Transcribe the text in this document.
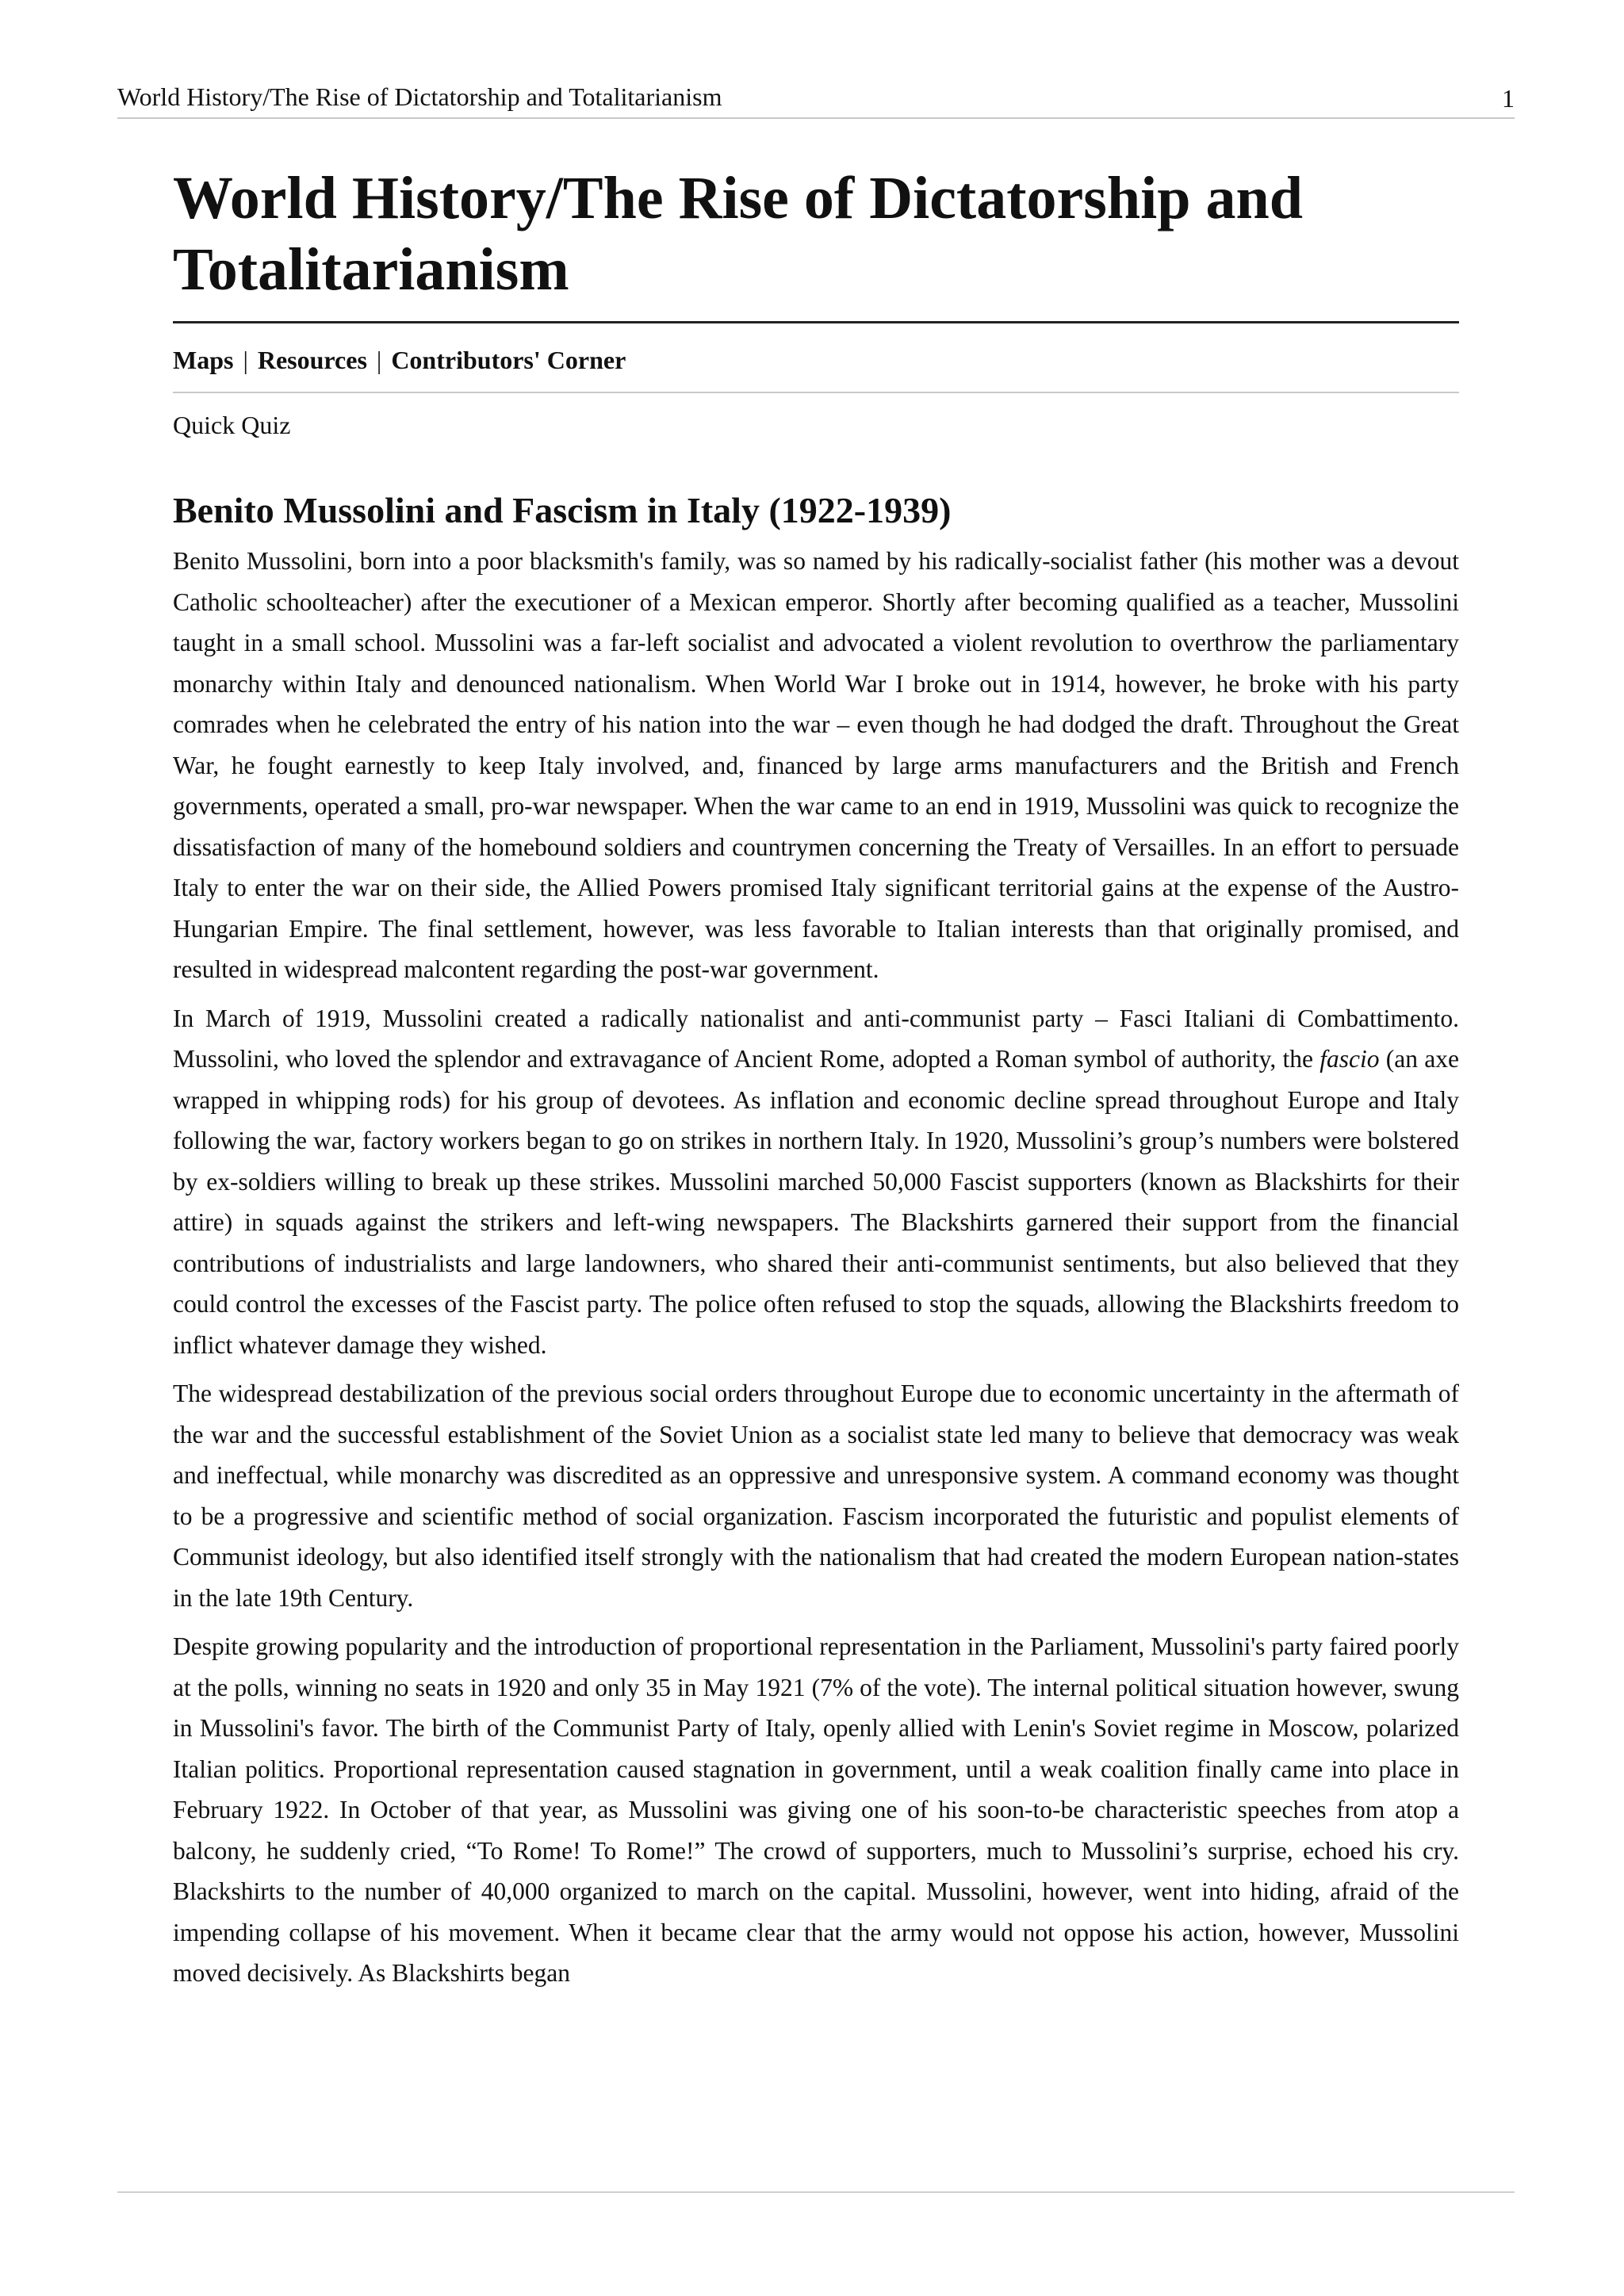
World History/The Rise of Dictatorship and Totalitarianism	1
World History/The Rise of Dictatorship and Totalitarianism
Maps | Resources | Contributors' Corner
Quick Quiz
Benito Mussolini and Fascism in Italy (1922-1939)

Benito Mussolini, born into a poor blacksmith's family, was so named by his radically-socialist father (his mother was a devout Catholic schoolteacher) after the executioner of a Mexican emperor. Shortly after becoming qualified as a teacher, Mussolini taught in a small school. Mussolini was a far-left socialist and advocated a violent revolution to overthrow the parliamentary monarchy within Italy and denounced nationalism. When World War I broke out in 1914, however, he broke with his party comrades when he celebrated the entry of his nation into the war – even though he had dodged the draft. Throughout the Great War, he fought earnestly to keep Italy involved, and, financed by large arms manufacturers and the British and French governments, operated a small, pro-war newspaper. When the war came to an end in 1919, Mussolini was quick to recognize the dissatisfaction of many of the homebound soldiers and countrymen concerning the Treaty of Versailles. In an effort to persuade Italy to enter the war on their side, the Allied Powers promised Italy significant territorial gains at the expense of the Austro-Hungarian Empire. The final settlement, however, was less favorable to Italian interests than that originally promised, and resulted in widespread malcontent regarding the post-war government.

In March of 1919, Mussolini created a radically nationalist and anti-communist party – Fasci Italiani di Combattimento. Mussolini, who loved the splendor and extravagance of Ancient Rome, adopted a Roman symbol of authority, the fascio (an axe wrapped in whipping rods) for his group of devotees. As inflation and economic decline spread throughout Europe and Italy following the war, factory workers began to go on strikes in northern Italy. In 1920, Mussolini’s group’s numbers were bolstered by ex-soldiers willing to break up these strikes. Mussolini marched 50,000 Fascist supporters (known as Blackshirts for their attire) in squads against the strikers and left-wing newspapers. The Blackshirts garnered their support from the financial contributions of industrialists and large landowners, who shared their anti-communist sentiments, but also believed that they could control the excesses of the Fascist party. The police often refused to stop the squads, allowing the Blackshirts freedom to inflict whatever damage they wished.

The widespread destabilization of the previous social orders throughout Europe due to economic uncertainty in the aftermath of the war and the successful establishment of the Soviet Union as a socialist state led many to believe that democracy was weak and ineffectual, while monarchy was discredited as an oppressive and unresponsive system. A command economy was thought to be a progressive and scientific method of social organization. Fascism incorporated the futuristic and populist elements of Communist ideology, but also identified itself strongly with the nationalism that had created the modern European nation-states in the late 19th Century.

Despite growing popularity and the introduction of proportional representation in the Parliament, Mussolini's party faired poorly at the polls, winning no seats in 1920 and only 35 in May 1921 (7% of the vote). The internal political situation however, swung in Mussolini's favor. The birth of the Communist Party of Italy, openly allied with Lenin's Soviet regime in Moscow, polarized Italian politics. Proportional representation caused stagnation in government, until a weak coalition finally came into place in February 1922. In October of that year, as Mussolini was giving one of his soon-to-be characteristic speeches from atop a balcony, he suddenly cried, “To Rome! To Rome!” The crowd of supporters, much to Mussolini’s surprise, echoed his cry. Blackshirts to the number of 40,000 organized to march on the capital. Mussolini, however, went into hiding, afraid of the impending collapse of his movement. When it became clear that the army would not oppose his action, however, Mussolini moved decisively. As Blackshirts began
